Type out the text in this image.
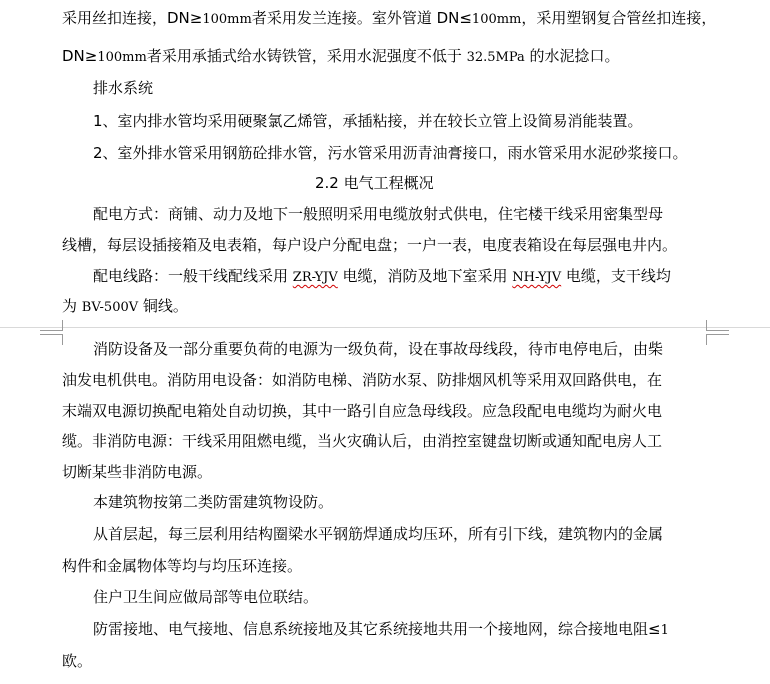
采用丝扣连接，DN≥100mm者采用发兰连接。室外管道 DN≤100mm，采用塑钢复合管丝扣连接，
DN≥100mm者采用承插式给水铸铁管，采用水泥强度不低于 32.5MPa 的水泥捻口。
排水系统
1、室内排水管均采用硬聚氯乙烯管，承插粘接，并在较长立管上设简易消能装置。
2、室外排水管采用钢筋砼排水管，污水管采用沥青油膏接口，雨水管采用水泥砂浆接口。
2.2 电气工程概况
配电方式：商铺、动力及地下一般照明采用电缆放射式供电，住宅楼干线采用密集型母
线槽，每层设插接箱及电表箱，每户设户分配电盘；一户一表，电度表箱设在每层强电井内。
配电线路：一般干线配线采用 ZR-YJV 电缆，消防及地下室采用 NH-YJV 电缆，支干线均
为 BV-500V 铜线。
消防设备及一部分重要负荷的电源为一级负荷，设在事故母线段，待市电停电后，由柴
油发电机供电。消防用电设备：如消防电梯、消防水泵、防排烟风机等采用双回路供电，在
末端双电源切换配电箱处自动切换，其中一路引自应急母线段。应急段配电电缆均为耐火电
缆。非消防电源：干线采用阻燃电缆，当火灾确认后，由消控室键盘切断或通知配电房人工
切断某些非消防电源。
本建筑物按第二类防雷建筑物设防。
从首层起，每三层利用结构圈梁水平钢筋焊通成均压环，所有引下线，建筑物内的金属
构件和金属物体等均与均压环连接。
住户卫生间应做局部等电位联结。
防雷接地、电气接地、信息系统接地及其它系统接地共用一个接地网，综合接地电阻≤1
欧。
